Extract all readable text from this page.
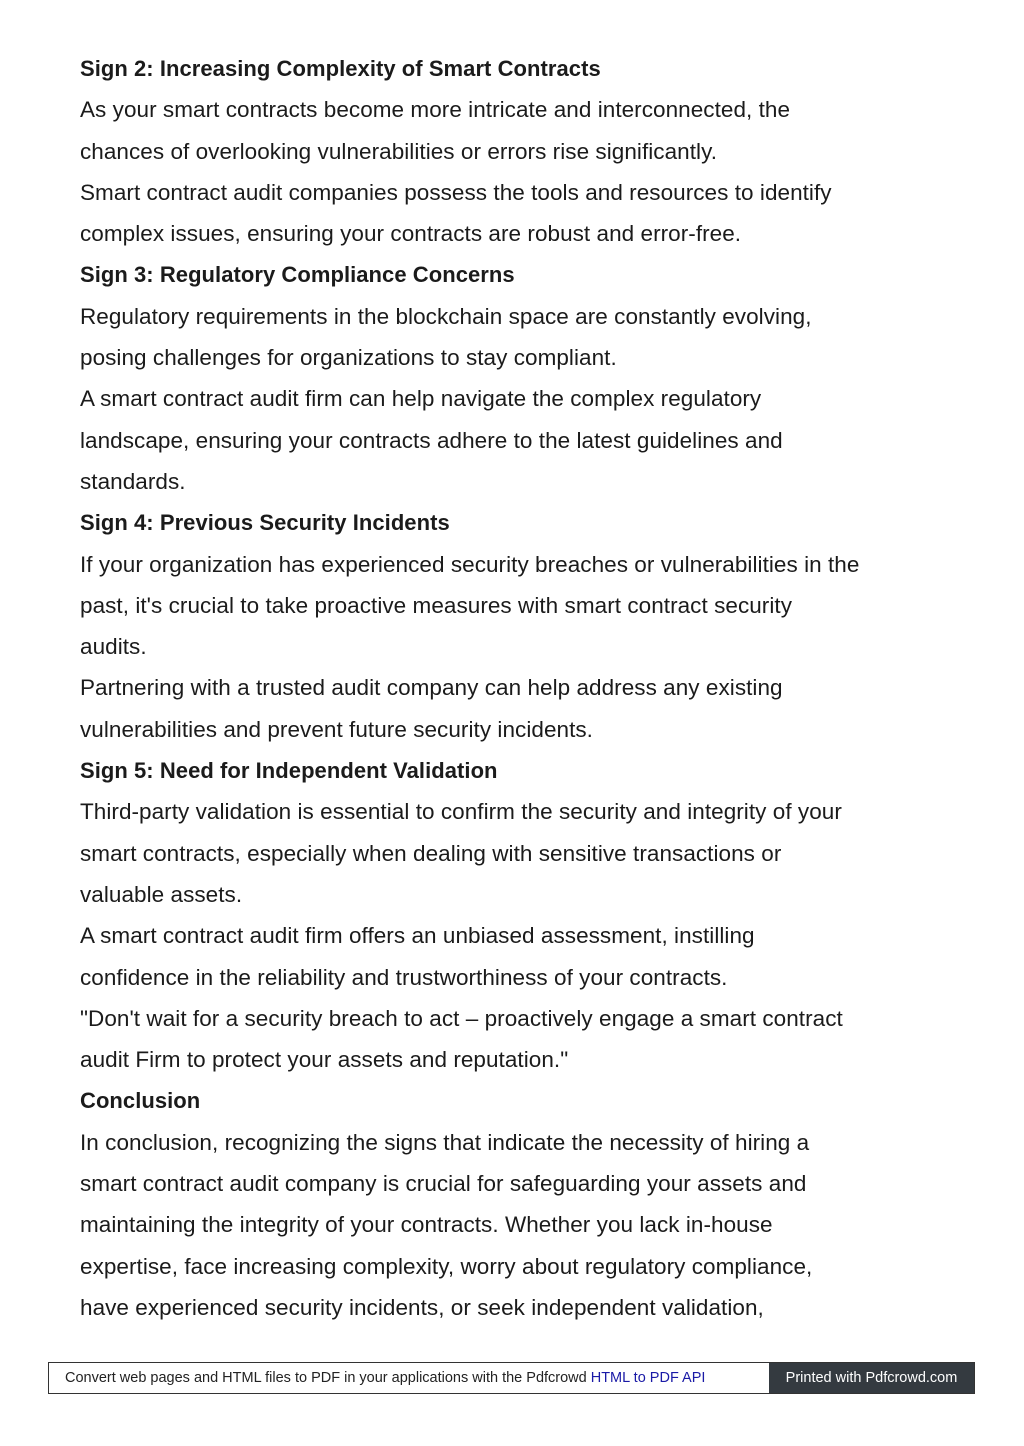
Sign 2: Increasing Complexity of Smart Contracts
As your smart contracts become more intricate and interconnected, the
chances of overlooking vulnerabilities or errors rise significantly.
Smart contract audit companies possess the tools and resources to identify
complex issues, ensuring your contracts are robust and error-free.
Sign 3: Regulatory Compliance Concerns
Regulatory requirements in the blockchain space are constantly evolving,
posing challenges for organizations to stay compliant.
A smart contract audit firm can help navigate the complex regulatory
landscape, ensuring your contracts adhere to the latest guidelines and
standards.
Sign 4: Previous Security Incidents
If your organization has experienced security breaches or vulnerabilities in the
past, it's crucial to take proactive measures with smart contract security
audits.
Partnering with a trusted audit company can help address any existing
vulnerabilities and prevent future security incidents.
Sign 5: Need for Independent Validation
Third-party validation is essential to confirm the security and integrity of your
smart contracts, especially when dealing with sensitive transactions or
valuable assets.
A smart contract audit firm offers an unbiased assessment, instilling
confidence in the reliability and trustworthiness of your contracts.
"Don't wait for a security breach to act – proactively engage a smart contract
audit Firm to protect your assets and reputation."
Conclusion
In conclusion, recognizing the signs that indicate the necessity of hiring a
smart contract audit company is crucial for safeguarding your assets and
maintaining the integrity of your contracts. Whether you lack in-house
expertise, face increasing complexity, worry about regulatory compliance,
have experienced security incidents, or seek independent validation,
Convert web pages and HTML files to PDF in your applications with the Pdfcrowd HTML to PDF API	Printed with Pdfcrowd.com
